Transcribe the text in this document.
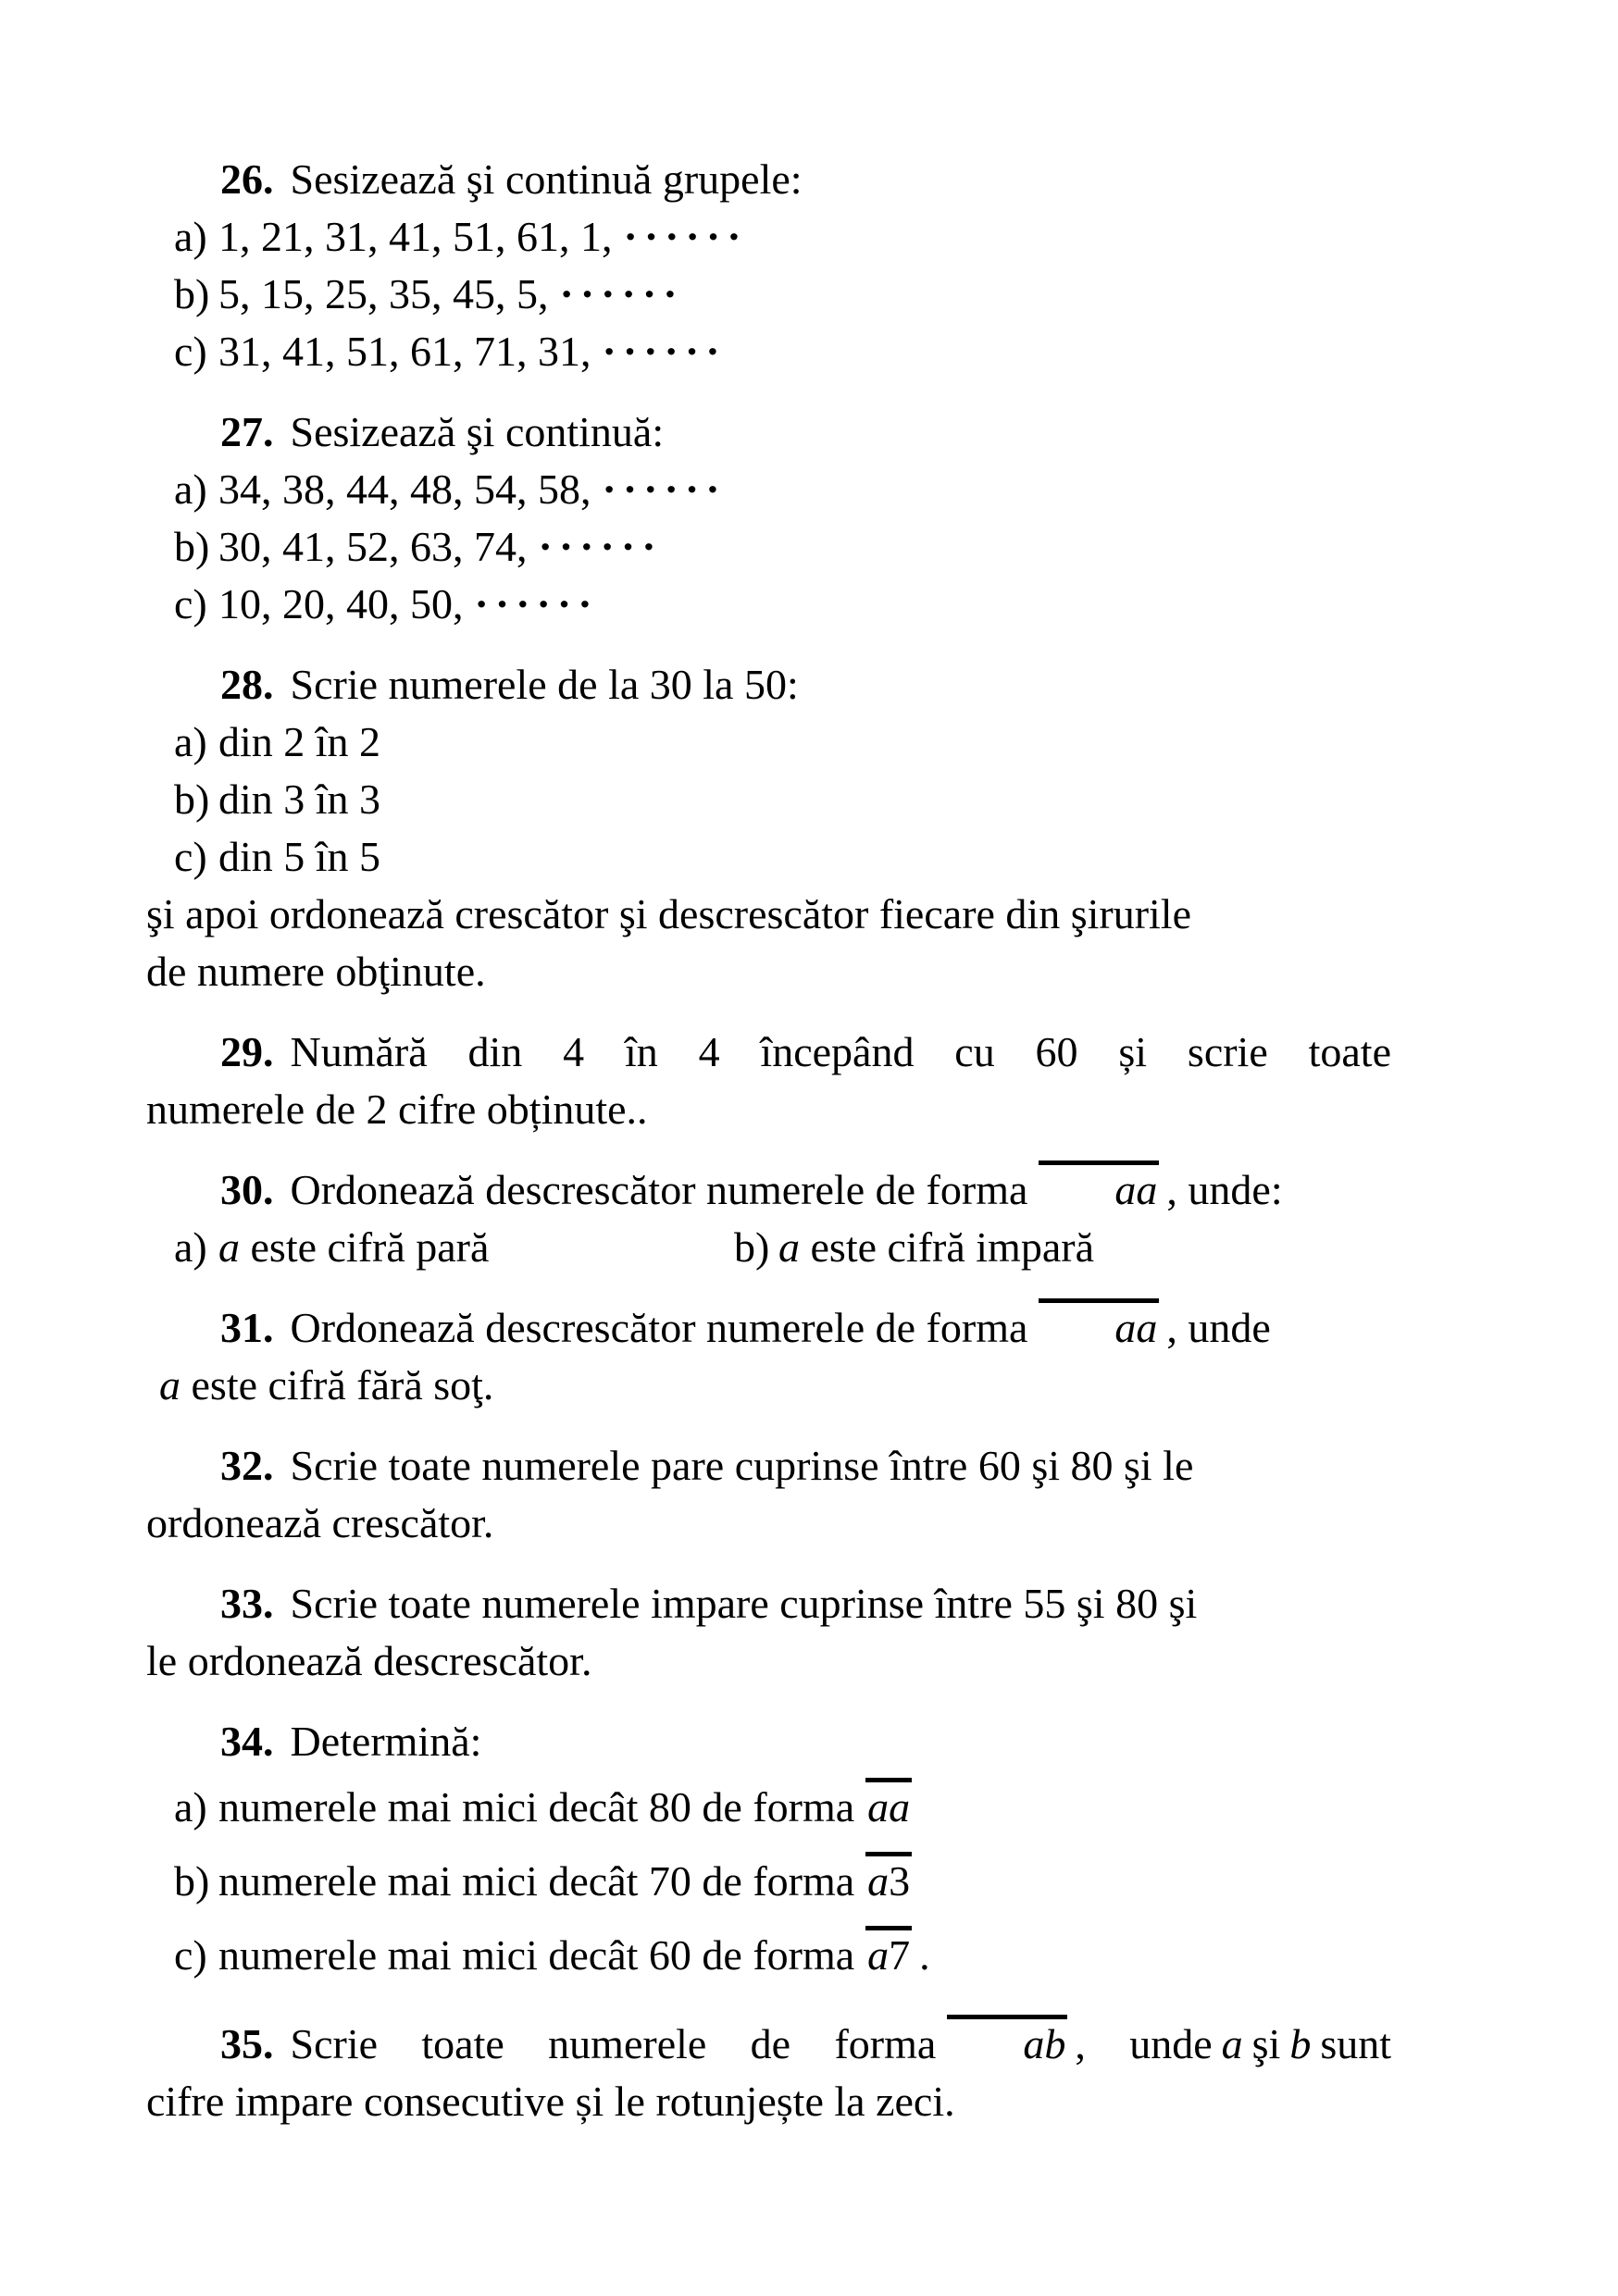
26. Sesizează şi continuă grupele:
a) 1, 21, 31, 41, 51, 61, 1, ······
b) 5, 15, 25, 35, 45, 5, ······
c) 31, 41, 51, 61, 71, 31, ······
27. Sesizează şi continuă:
a) 34, 38, 44, 48, 54, 58, ······
b) 30, 41, 52, 63, 74, ······
c) 10, 20, 40, 50, ······
28. Scrie numerele de la 30 la 50:
a) din 2 în 2
b) din 3 în 3
c) din 5 în 5
şi apoi ordonează crescător şi descrescător fiecare din şirurile
de numere obţinute.
29. Numără din 4 în 4 începând cu 60 și scrie toate
numerele de 2 cifre obținute..
30. Ordonează descrescător numerele de forma aa , unde:
a) a este cifră pară	b) a este cifră impară
31. Ordonează descrescător numerele de forma aa , unde
a este cifră fără soţ.
32. Scrie toate numerele pare cuprinse între 60 şi 80 şi le
ordonează crescător.
33. Scrie toate numerele impare cuprinse între 55 şi 80 şi
le ordonează descrescător.
34. Determină:
a) numerele mai mici decât 80 de forma aa
b) numerele mai mici decât 70 de forma a3
c) numerele mai mici decât 60 de forma a7 .
35. Scrie toate numerele de forma ab , unde a şi b sunt
cifre impare consecutive și le rotunjește la zeci.
